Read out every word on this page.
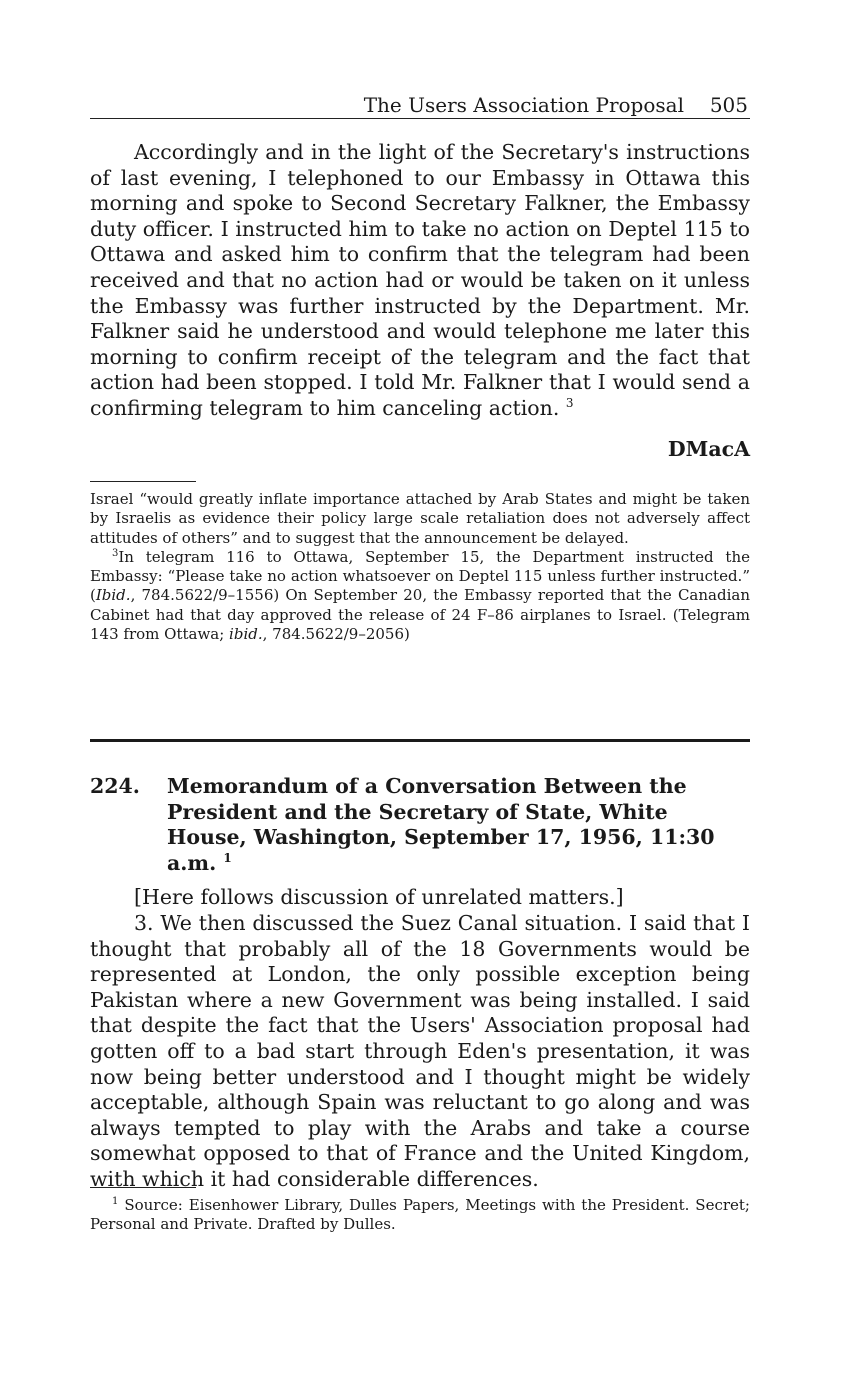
The Users Association Proposal 505

Accordingly and in the light of the Secretary's instructions of last evening, I telephoned to our Embassy in Ottawa this morning and spoke to Second Secretary Falkner, the Embassy duty officer. I instructed him to take no action on Deptel 115 to Ottawa and asked him to confirm that the telegram had been received and that no action had or would be taken on it unless the Embassy was further instructed by the Department. Mr. Falkner said he understood and would telephone me later this morning to confirm receipt of the telegram and the fact that action had been stopped. I told Mr. Falkner that I would send a confirming telegram to him canceling action. $^3$

DMacA

Israel “would greatly inflate importance attached by Arab States and might be taken by Israelis as evidence their policy large scale retaliation does not adversely affect attitudes of others” and to suggest that the announcement be delayed.

$^3$In telegram 116 to Ottawa, September 15, the Department instructed the Embassy: “Please take no action whatsoever on Deptel 115 unless further instructed.” (Ibid., 784.5622/9–1556) On September 20, the Embassy reported that the Canadian Cabinet had that day approved the release of 24 F–86 airplanes to Israel. (Telegram 143 from Ottawa; ibid., 784.5622/9–2056)

224. Memorandum of a Conversation Between the President and the Secretary of State, White House, Washington, September 17, 1956, 11:30 a.m. $^1$

[Here follows discussion of unrelated matters.]

3. We then discussed the Suez Canal situation. I said that I thought that probably all of the 18 Governments would be represented at London, the only possible exception being Pakistan where a new Government was being installed. I said that despite the fact that the Users' Association proposal had gotten off to a bad start through Eden's presentation, it was now being better understood and I thought might be widely acceptable, although Spain was reluctant to go along and was always tempted to play with the Arabs and take a course somewhat opposed to that of France and the United Kingdom, with which it had considerable differences.

$^1$ Source: Eisenhower Library, Dulles Papers, Meetings with the President. Secret; Personal and Private. Drafted by Dulles.
